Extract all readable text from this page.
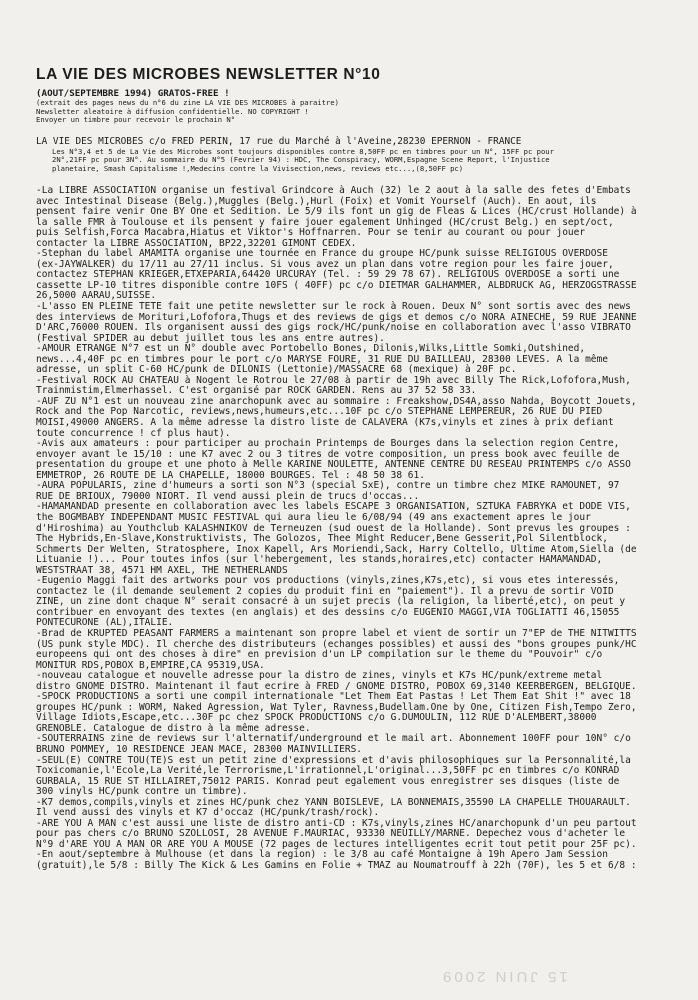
LA VIE DES MICROBES NEWSLETTER N°10
(AOUT/SEPTEMBRE 1994) GRATOS-FREE !
(extrait des pages news du n°6 du zine LA VIE DES MICROBES à paraitre)
Newsletter aleatoire à diffusion confidentielle. NO COPYRIGHT !
Envoyer un timbre pour recevoir le prochain N°
LA VIE DES MICROBES c/o FRED PERIN, 17 rue du Marché à l'Aveine,28230 EPERNON - FRANCE
Les N°3,4 et 5 de La Vie des Microbes sont toujours disponibles contre 8,50FF pc en timbres pour un N°, 15FF pc pour
2N°,21FF pc pour 3N°. Au sommaire du N°5 (Fevrier 94) : HDC, The Conspiracy, WORM,Espagne Scene Report, l'Injustice
planetaire, Smash Capitalisme !,Medecins contre la Vivisection,news, reviews etc...,(8,50FF pc)
-La LIBRE ASSOCIATION organise un festival Grindcore à Auch (32) le 2 aout à la salle des fetes d'Embats
avec Intestinal Disease (Belg.),Muggles (Belg.),Hurl (Foix) et Vomit Yourself (Auch). En aout, ils
pensent faire venir One BY One et Sedition. Le 5/9 ils font un gig de Fleas & Lices (HC/crust Hollande) à
la salle FMR à Toulouse et ils pensent y faire jouer egalement Unhinged (HC/crust Belg.) en sept/oct,
puis Selfish,Forca Macabra,Hiatus et Viktor's Hoffnarren. Pour se tenir au courant ou pour jouer
contacter la LIBRE ASSOCIATION, BP22,32201 GIMONT CEDEX.
-Stephan du label AMAMITA organise une tournée en France du groupe HC/punk suisse RELIGIOUS OVERDOSE
(ex-JAYWALKER) du 17/11 au 27/11 inclus. Si vous avez un plan dans votre region pour les faire jouer,
contactez STEPHAN KRIEGER,ETXEPARIA,64420 URCURAY (Tel. : 59 29 78 67). RELIGIOUS OVERDOSE a sorti une
cassette LP-10 titres disponible contre 10FS ( 40FF) pc c/o DIETMAR GALHAMMER, ALBDRUCK AG, HERZOGSTRASSE
26,5000 AARAU,SUISSE.
-L'asso EN PLEINE TETE fait une petite newsletter sur le rock à Rouen. Deux N° sont sortis avec des news
des interviews de Morituri,Lofofora,Thugs et des reviews de gigs et demos c/o NORA AINECHE, 59 RUE JEANNE
D'ARC,76000 ROUEN. Ils organisent aussi des gigs rock/HC/punk/noise en collaboration avec l'asso VIBRATO
(Festival SPIDER au debut juillet tous les ans entre autres).
-AMOUR ETRANGE N°7 est un N° double avec Portobello Bones, Dilonis,Wilks,Little Somki,Outshined,
news...4,40F pc en timbres pour le port c/o MARYSE FOURE, 31 RUE DU BAILLEAU, 28300 LEVES. A la même
adresse, un split C-60 HC/punk de DILONIS (Lettonie)/MASSACRE 68 (mexique) à 20F pc.
-Festival ROCK AU CHATEAU à Nogent le Rotrou le 27/08 à partir de 19h avec Billy The Rick,Lofofora,Mush,
Trainmistim,Elmerhassel. C'est organisé par ROCK GARDEN. Rens au 37 52 58 33.
-AUF ZU N°1 est un nouveau zine anarchopunk avec au sommaire : Freakshow,DS4A,asso Nahda, Boycott Jouets,
Rock and the Pop Narcotic, reviews,news,humeurs,etc...10F pc c/o STEPHANE LEMPEREUR, 26 RUE DU PIED
MOISI,49000 ANGERS. A la même adresse la distro liste de CALAVERA (K7s,vinyls et zines à prix defiant
toute concurrence ! cf plus haut).
-Avis aux amateurs : pour participer au prochain Printemps de Bourges dans la selection region Centre,
envoyer avant le 15/10 : une K7 avec 2 ou 3 titres de votre composition, un press book avec feuille de
presentation du groupe et une photo à Melle KARINE NOULETTE, ANTENNE CENTRE DU RESEAU PRINTEMPS c/o ASSO
EMMETROP, 26 ROUTE DE LA CHAPELLE, 18000 BOURGES. Tel : 48 50 38 61.
-AURA POPULARIS, zine d'humeurs a sorti son N°3 (special SxE), contre un timbre chez MIKE RAMOUNET, 97
RUE DE BRIOUX, 79000 NIORT. Il vend aussi plein de trucs d'occas...
-HAMAMANDAD presente en collaboration avec les labels ESCAPE 3 ORGANISATION, SZTUKA FABRYKA et DODE VIS,
the BOGMBABY INDEPENDANT MUSIC FESTIVAL qui aura lieu le 6/08/94 (49 ans exactement apres le jour
d'Hiroshima) au Youthclub KALASHNIKOV de Terneuzen (sud ouest de la Hollande). Sont prevus les groupes :
The Hybrids,En-Slave,Konstruktivists, The Golozos, Thee Might Reducer,Bene Gesserit,Pol Silentblock,
Schmerts Der Welten, Stratosphere, Inox Kapell, Ars Moriendi,Sack, Harry Coltello, Ultime Atom,Siella (de
Lituanie !)... Pour toutes infos (sur l'hebergement, les stands,horaires,etc) contacter HAMAMANDAD,
WESTSTRAAT 38, 4571 HM AXEL, THE NETHERLANDS
-Eugenio Maggi fait des artworks pour vos productions (vinyls,zines,K7s,etc), si vous etes interessés,
contactez le (il demande seulement 2 copies du produit fini en "paiement"). Il a prevu de sortir VOID
ZINE, un zine dont chaque N° serait consacré à un sujet precis (la religion, la liberté,etc), on peut y
contribuer en envoyant des textes (en anglais) et des dessins c/o EUGENIO MAGGI,VIA TOGLIATTI 46,15055
PONTECURONE (AL),ITALIE.
-Brad de KRUPTED PEASANT FARMERS a maintenant son propre label et vient de sortir un 7"EP de THE NITWITTS
(US punk style MDC). Il cherche des distributeurs (echanges possibles) et aussi des "bons groupes punk/HC
europeens qui ont des choses à dire" en prevision d'un LP compilation sur le theme du "Pouvoir" c/o
MONITUR RDS,POBOX B,EMPIRE,CA 95319,USA.
-nouveau catalogue et nouvelle adresse pour la distro de zines, vinyls et K7s HC/punk/extreme metal
distro GNOME DISTRO. Maintenant il faut ecrire à FRED / GNOME DISTRO, POBOX 69,3140 KEERBERGEN, BELGIQUE.
-SPOCK PRODUCTIONS a sorti une compil internationale "Let Them Eat Pastas ! Let Them Eat Shit !" avec 18
groupes HC/punk : WORM, Naked Agression, Wat Tyler, Ravness,Budellam.One by One, Citizen Fish,Tempo Zero,
Village Idiots,Escape,etc...30F pc chez SPOCK PRODUCTIONS c/o G.DUMOULIN, 112 RUE D'ALEMBERT,38000
GRENOBLE. Catalogue de distro à la même adresse.
-SOUTERRAINS zine de reviews sur l'alternatif/underground et le mail art. Abonnement 100FF pour 10N° c/o
BRUNO POMMEY, 10 RESIDENCE JEAN MACE, 28300 MAINVILLIERS.
-SEUL(E) CONTRE TOU(TE)S est un petit zine d'expressions et d'avis philosophiques sur la Personnalité,la
Toxicomanie,l'Ecole,La Verité,le Terrorisme,L'irrationnel,L'original...3,50FF pc en timbres c/o KONRAD
GURBALA, 15 RUE ST HILLAIRET,75012 PARIS. Konrad peut egalement vous enregistrer ses disques (liste de
300 vinyls HC/punk contre un timbre).
-K7 demos,compils,vinyls et zines HC/punk chez YANN BOISLEVE, LA BONNEMAIS,35590 LA CHAPELLE THOUARAULT.
Il vend aussi des vinyls et K7 d'occaz (HC/punk/trash/rock).
-ARE YOU A MAN c'est aussi une liste de distro anti-CD : K7s,vinyls,zines HC/anarchopunk d'un peu partout
pour pas chers c/o BRUNO SZOLLOSI, 28 AVENUE F.MAURIAC, 93330 NEUILLY/MARNE. Depechez vous d'acheter le
N°9 d'ARE YOU A MAN OR ARE YOU A MOUSE (72 pages de lectures intelligentes ecrit tout petit pour 25F pc).
-En aout/septembre à Mulhouse (et dans la region) : le 3/8 au café Montaigne à 19h Apero Jam Session
(gratuit),le 5/8 : Billy The Kick & Les Gamins en Folie + TMAZ au Noumatrouff à 22h (70F), les 5 et 6/8 :
15 JUIN 2009
